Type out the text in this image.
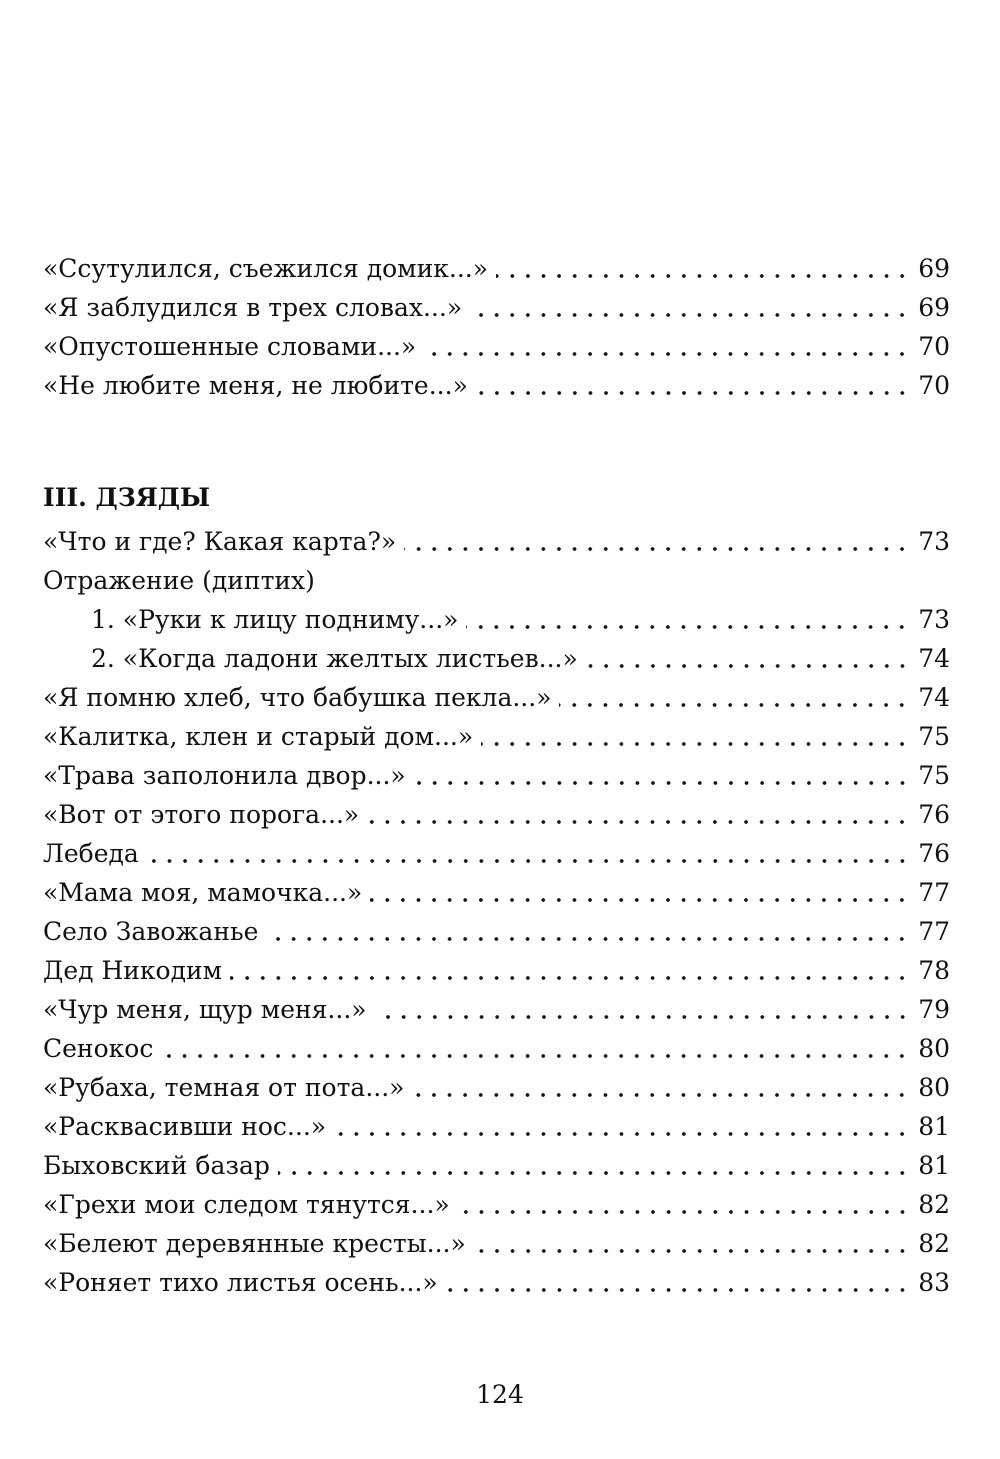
«Ссутулился, съежился домик...»	69
«Я заблудился в трех словах...»	69
«Опустошенные словами...»	70
«Не любите меня, не любите...»	70
III. ДЗЯДЫ
«Что и где? Какая карта?»	73
Отражение (диптих)
1. «Руки к лицу подниму...»	73
2. «Когда ладони желтых листьев...»	74
«Я помню хлеб, что бабушка пекла...»	74
«Калитка, клен и старый дом...»	75
«Трава заполонила двор...»	75
«Вот от этого порога...»	76
Лебеда	76
«Мама моя, мамочка...»	77
Село Завожанье	77
Дед Никодим	78
«Чур меня, щур меня...»	79
Сенокос	80
«Рубаха, темная от пота...»	80
«Расквасивши нос...»	81
Быховский базар	81
«Грехи мои следом тянутся...»	82
«Белеют деревянные кресты...»	82
«Роняет тихо листья осень...»	83
124
